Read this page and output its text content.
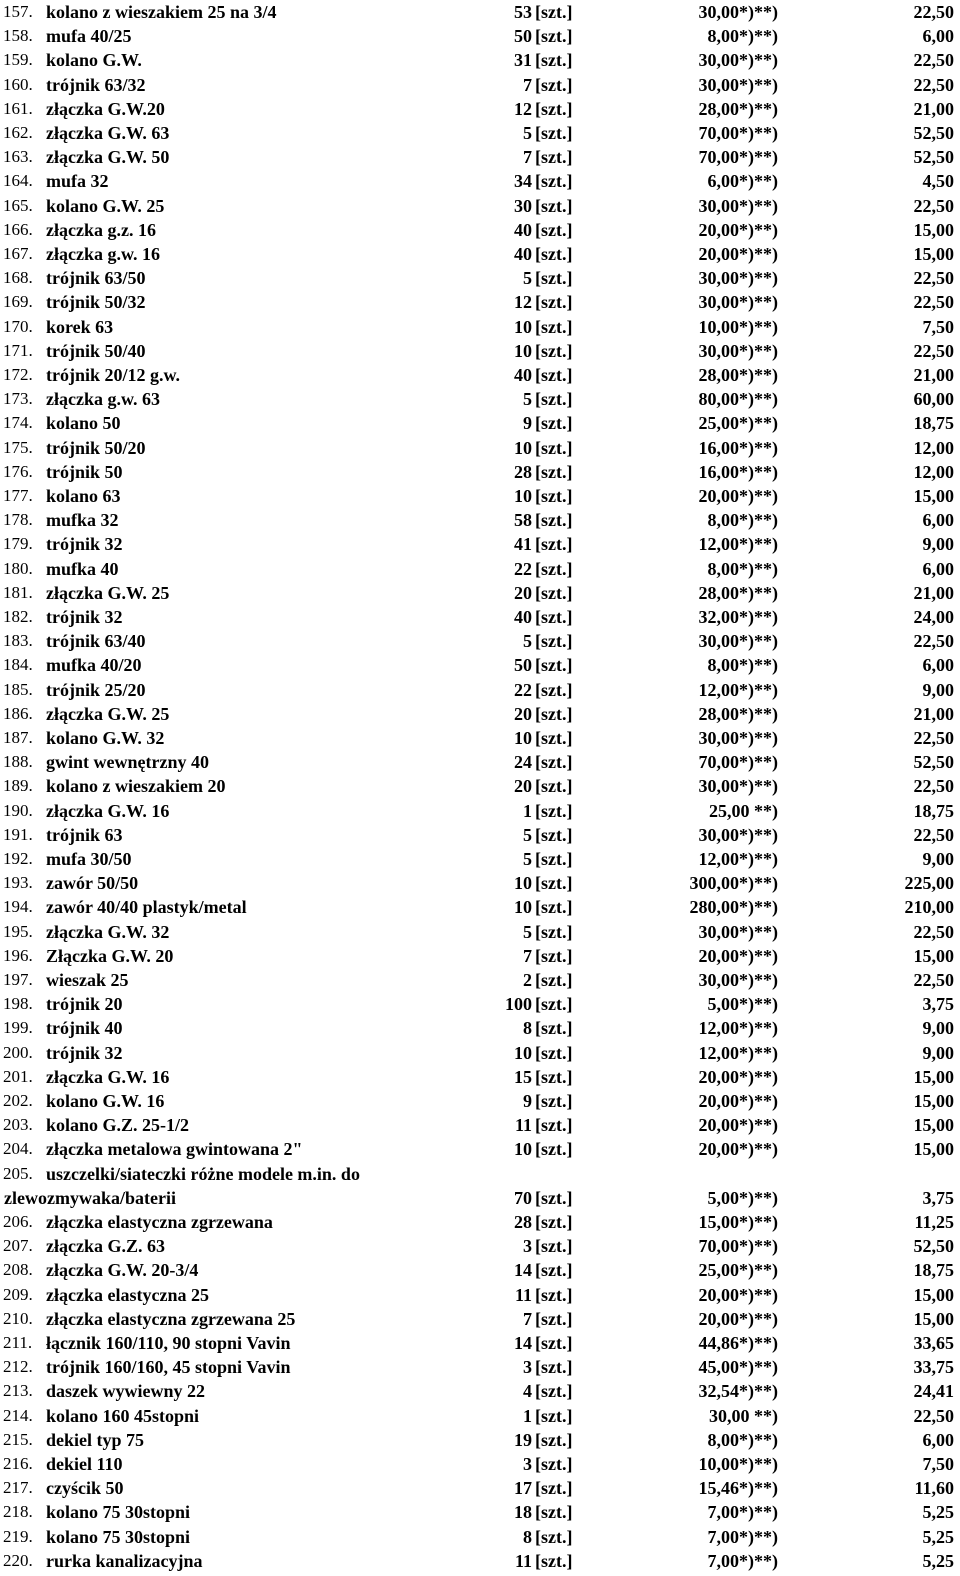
157. kolano z wieszakiem 25 na 3/4	53 [szt.]	30,00*)**)	22,50
158. mufa 40/25	50 [szt.]	8,00*)**)	6,00
159. kolano G.W.	31 [szt.]	30,00*)**)	22,50
160. trójnik 63/32	7 [szt.]	30,00*)**)	22,50
161. złączka G.W.20	12 [szt.]	28,00*)**)	21,00
162. złączka G.W. 63	5 [szt.]	70,00*)**)	52,50
163. złączka G.W. 50	7 [szt.]	70,00*)**)	52,50
164. mufa 32	34 [szt.]	6,00*)**)	4,50
165. kolano G.W. 25	30 [szt.]	30,00*)**)	22,50
166. złączka g.z. 16	40 [szt.]	20,00*)**)	15,00
167. złączka g.w. 16	40 [szt.]	20,00*)**)	15,00
168. trójnik 63/50	5 [szt.]	30,00*)**)	22,50
169. trójnik 50/32	12 [szt.]	30,00*)**)	22,50
170. korek 63	10 [szt.]	10,00*)**)	7,50
171. trójnik 50/40	10 [szt.]	30,00*)**)	22,50
172. trójnik 20/12 g.w.	40 [szt.]	28,00*)**)	21,00
173. złączka g.w. 63	5 [szt.]	80,00*)**)	60,00
174. kolano 50	9 [szt.]	25,00*)**)	18,75
175. trójnik 50/20	10 [szt.]	16,00*)**)	12,00
176. trójnik 50	28 [szt.]	16,00*)**)	12,00
177. kolano 63	10 [szt.]	20,00*)**)	15,00
178. mufka 32	58 [szt.]	8,00*)**)	6,00
179. trójnik 32	41 [szt.]	12,00*)**)	9,00
180. mufka 40	22 [szt.]	8,00*)**)	6,00
181. złączka G.W. 25	20 [szt.]	28,00*)**)	21,00
182. trójnik 32	40 [szt.]	32,00*)**)	24,00
183. trójnik 63/40	5 [szt.]	30,00*)**)	22,50
184. mufka 40/20	50 [szt.]	8,00*)**)	6,00
185. trójnik 25/20	22 [szt.]	12,00*)**)	9,00
186. złączka G.W. 25	20 [szt.]	28,00*)**)	21,00
187. kolano G.W. 32	10 [szt.]	30,00*)**)	22,50
188. gwint wewnętrzny 40	24 [szt.]	70,00*)**)	52,50
189. kolano z wieszakiem 20	20 [szt.]	30,00*)**)	22,50
190. złączka G.W. 16	1 [szt.]	25,00 **)	18,75
191. trójnik 63	5 [szt.]	30,00*)**)	22,50
192. mufa 30/50	5 [szt.]	12,00*)**)	9,00
193. zawór 50/50	10 [szt.]	300,00*)**)	225,00
194. zawór 40/40 plastyk/metal	10 [szt.]	280,00*)**)	210,00
195. złączka G.W. 32	5 [szt.]	30,00*)**)	22,50
196. Złączka G.W. 20	7 [szt.]	20,00*)**)	15,00
197. wieszak 25	2 [szt.]	30,00*)**)	22,50
198. trójnik 20	100 [szt.]	5,00*)**)	3,75
199. trójnik 40	8 [szt.]	12,00*)**)	9,00
200. trójnik 32	10 [szt.]	12,00*)**)	9,00
201. złączka G.W. 16	15 [szt.]	20,00*)**)	15,00
202. kolano G.W. 16	9 [szt.]	20,00*)**)	15,00
203. kolano G.Z. 25-1/2	11 [szt.]	20,00*)**)	15,00
204. złączka metalowa gwintowana 2"	10 [szt.]	20,00*)**)	15,00
205. uszczelki/siateczki różne modele m.in. do
zlewozmywaka/baterii	70 [szt.]	5,00*)**)	3,75
206. złączka elastyczna zgrzewana	28 [szt.]	15,00*)**)	11,25
207. złączka G.Z. 63	3 [szt.]	70,00*)**)	52,50
208. złączka G.W. 20-3/4	14 [szt.]	25,00*)**)	18,75
209. złączka elastyczna 25	11 [szt.]	20,00*)**)	15,00
210. złączka elastyczna zgrzewana 25	7 [szt.]	20,00*)**)	15,00
211. łącznik 160/110, 90 stopni Vavin	14 [szt.]	44,86*)**)	33,65
212. trójnik 160/160, 45 stopni Vavin	3 [szt.]	45,00*)**)	33,75
213. daszek wywiewny 22	4 [szt.]	32,54*)**)	24,41
214. kolano 160 45stopni	1 [szt.]	30,00 **)	22,50
215. dekiel typ 75	19 [szt.]	8,00*)**)	6,00
216. dekiel 110	3 [szt.]	10,00*)**)	7,50
217. czyścik 50	17 [szt.]	15,46*)**)	11,60
218. kolano 75 30stopni	18 [szt.]	7,00*)**)	5,25
219. kolano 75 30stopni	8 [szt.]	7,00*)**)	5,25
220. rurka kanalizacyjna	11 [szt.]	7,00*)**)	5,25
